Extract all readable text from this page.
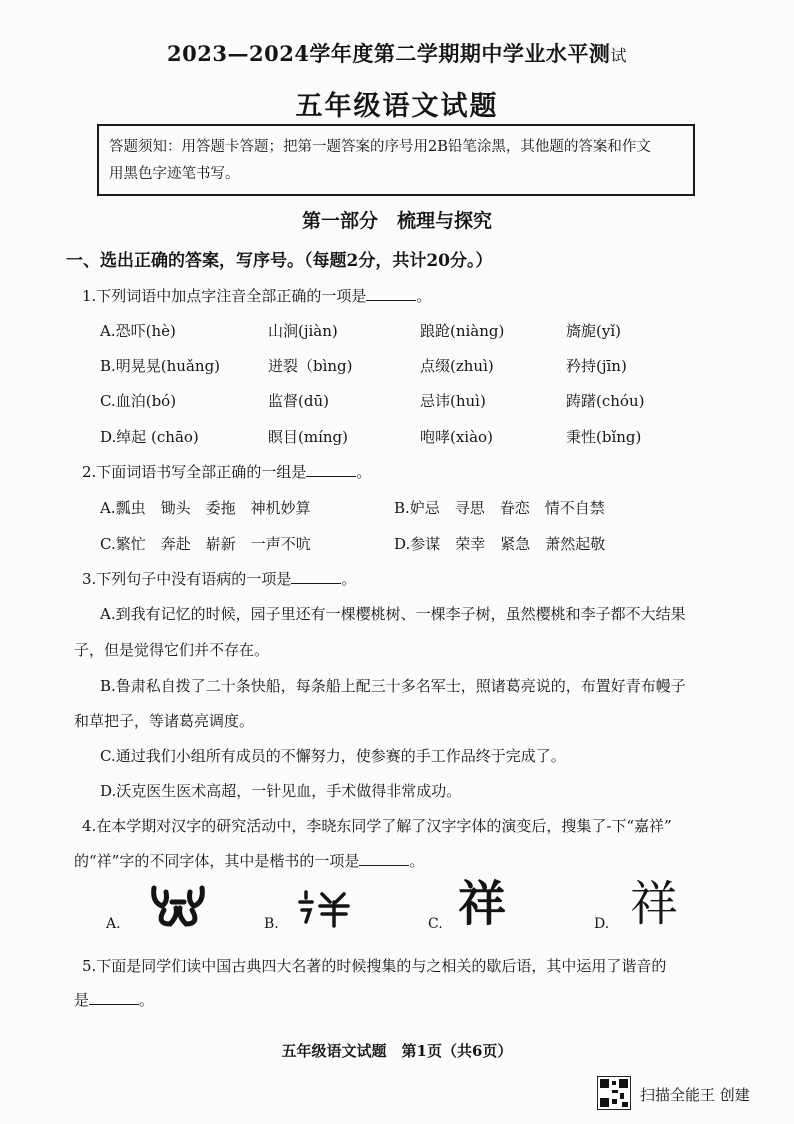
2023—2024学年度第二学期期中学业水平测试
五年级语文试题
答题须知：用答题卡答题；把第一题答案的序号用2B铅笔涂黑，其他题的答案和作文
用黑色字迹笔书写。
第一部分　梳理与探究
一、选出正确的答案，写序号。（每题2分，共计20分。）
1.下列词语中加点字注音全部正确的一项是	。
A.恐吓(hè)	山涧(jiàn)	踉跄(niàng)	旖旎(yǐ)
B.明晃晃(huǎng)	迸裂（bìng)	点缀(zhuì)	矜持(jīn)
C.血泊(bó)	监督(dū)	忌讳(huì)	踌躇(chóu)
D.绰起 (chāo)	瞑目(míng)	咆哮(xiào)	秉性(bǐng)
2.下面词语书写全部正确的一组是	。
A.瓢虫　锄头　委拖　神机妙算	B.妒忌　寻思　眷恋　情不自禁
C.繁忙　奔赴　崭新　一声不吭	D.参谋　荣幸　紧急　萧然起敬
3.下列句子中没有语病的一项是	。
A.到我有记忆的时候，园子里还有一棵樱桃树、一棵李子树，虽然樱桃和李子都不大结果
子，但是觉得它们并不存在。
B.鲁肃私自拨了二十条快船，每条船上配三十多名军士，照诸葛亮说的，布置好青布幔子
和草把子，等诸葛亮调度。
C.通过我们小组所有成员的不懈努力，使参赛的手工作品终于完成了。
D.沃克医生医术高超，一针见血，手术做得非常成功。
4.在本学期对汉字的研究活动中，李晓东同学了解了汉字字体的演变后，搜集了-下“嘉祥”
的“祥”字的不同字体，其中是楷书的一项是	。
A.	B.	C. 祥	D. 祥
5.下面是同学们读中国古典四大名著的时候搜集的与之相关的歇后语，其中运用了谐音的
是	。
五年级语文试题　第1页（共6页）
扫描全能王 创建
